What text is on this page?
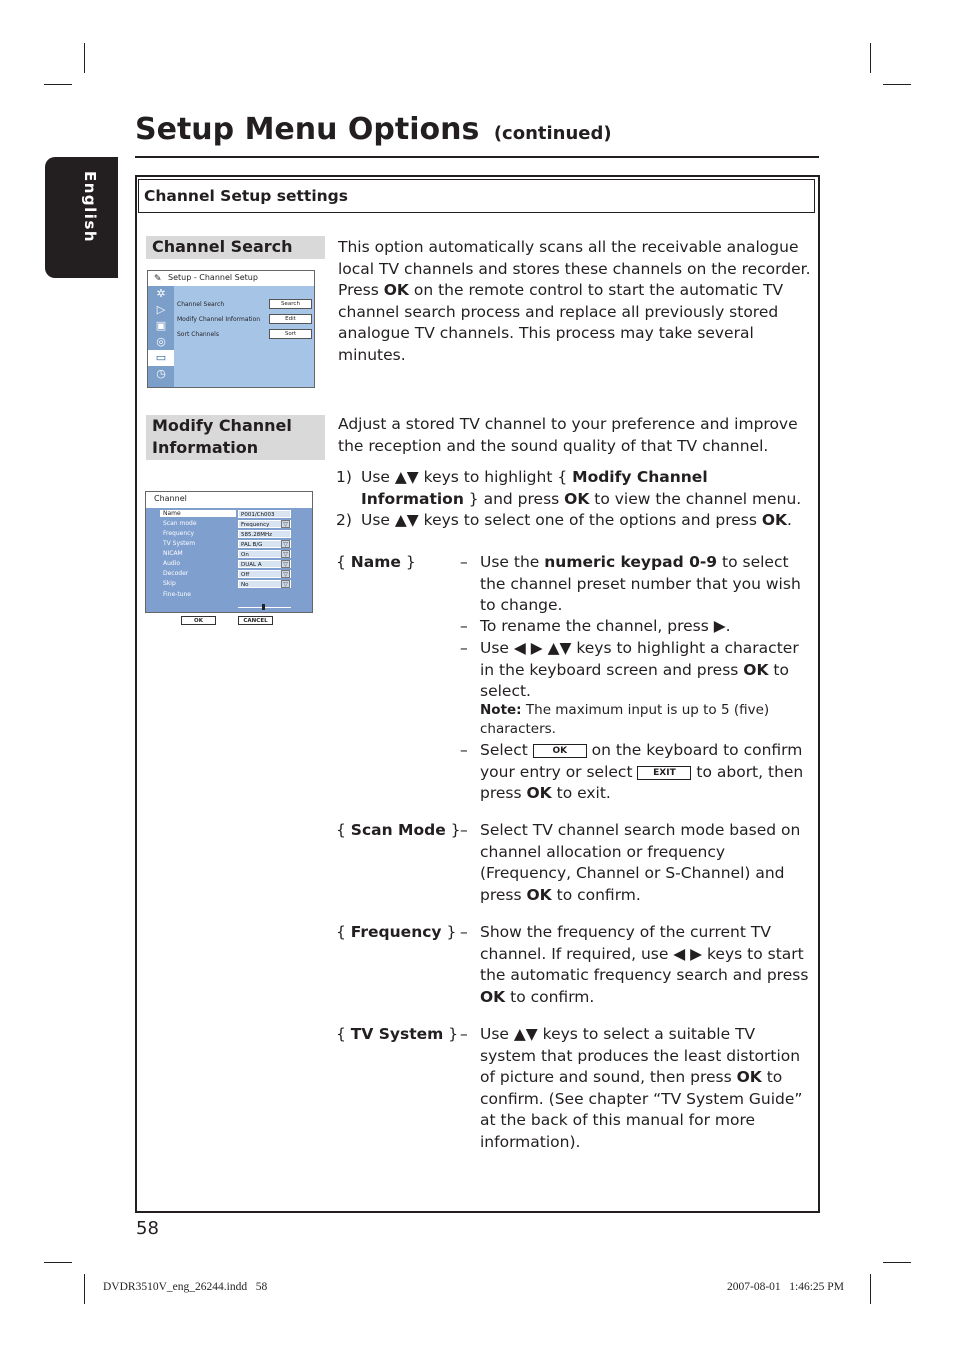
English
Setup Menu Options (continued)
Channel Setup settings
Channel Search	This option automatically scans all the receivable analogue local TV channels and stores these channels on the recorder.

Press OK on the remote control to start the automatic TV channel search process and replace all previously stored analogue TV channels. This process may take several minutes.

✎ Setup - Channel Setup
✲
▷
▣
◎
▭
◷
Channel Search	Search
Modify Channel Information	Edit
Sort Channels	Sort
Modify Channel
Information

Adjust a stored TV channel to your preference and improve the reception and the sound quality of that TV channel.

1) Use ▲▼ keys to highlight { Modify Channel Information } and press OK to view the channel menu.

2) Use ▲▼ keys to select one of the options and press OK.

Channel
Name	P001/Ch003
Scan mode	Frequency	▽
Frequency	585.28MHz
TV System	PAL B/G	▽
NICAM	On	▽
Audio	DUAL A	▽
Decoder	Off	▽
Skip	No	▽
Fine-tune
OK	CANCEL
{ Name }	– Use the numeric keypad 0-9 to select the channel preset number that you wish to change.
– To rename the channel, press ▶.
– Use ◀ ▶ ▲▼ keys to highlight a character in the keyboard screen and press OK to select.
Note: The maximum input is up to 5 (five) characters.
– Select OK on the keyboard to confirm your entry or select EXIT to abort, then press OK to exit.
{ Scan Mode } – Select TV channel search mode based on channel allocation or frequency (Frequency, Channel or S-Channel) and press OK to confirm.
{ Frequency } – Show the frequency of the current TV channel. If required, use ◀ ▶ keys to start the automatic frequency search and press OK to confirm.
{ TV System } – Use ▲▼ keys to select a suitable TV system that produces the least distortion of picture and sound, then press OK to confirm. (See chapter “TV System Guide” at the back of this manual for more information).
58
DVDR3510V_eng_26244.indd   58	2007-08-01   1:46:25 PM
